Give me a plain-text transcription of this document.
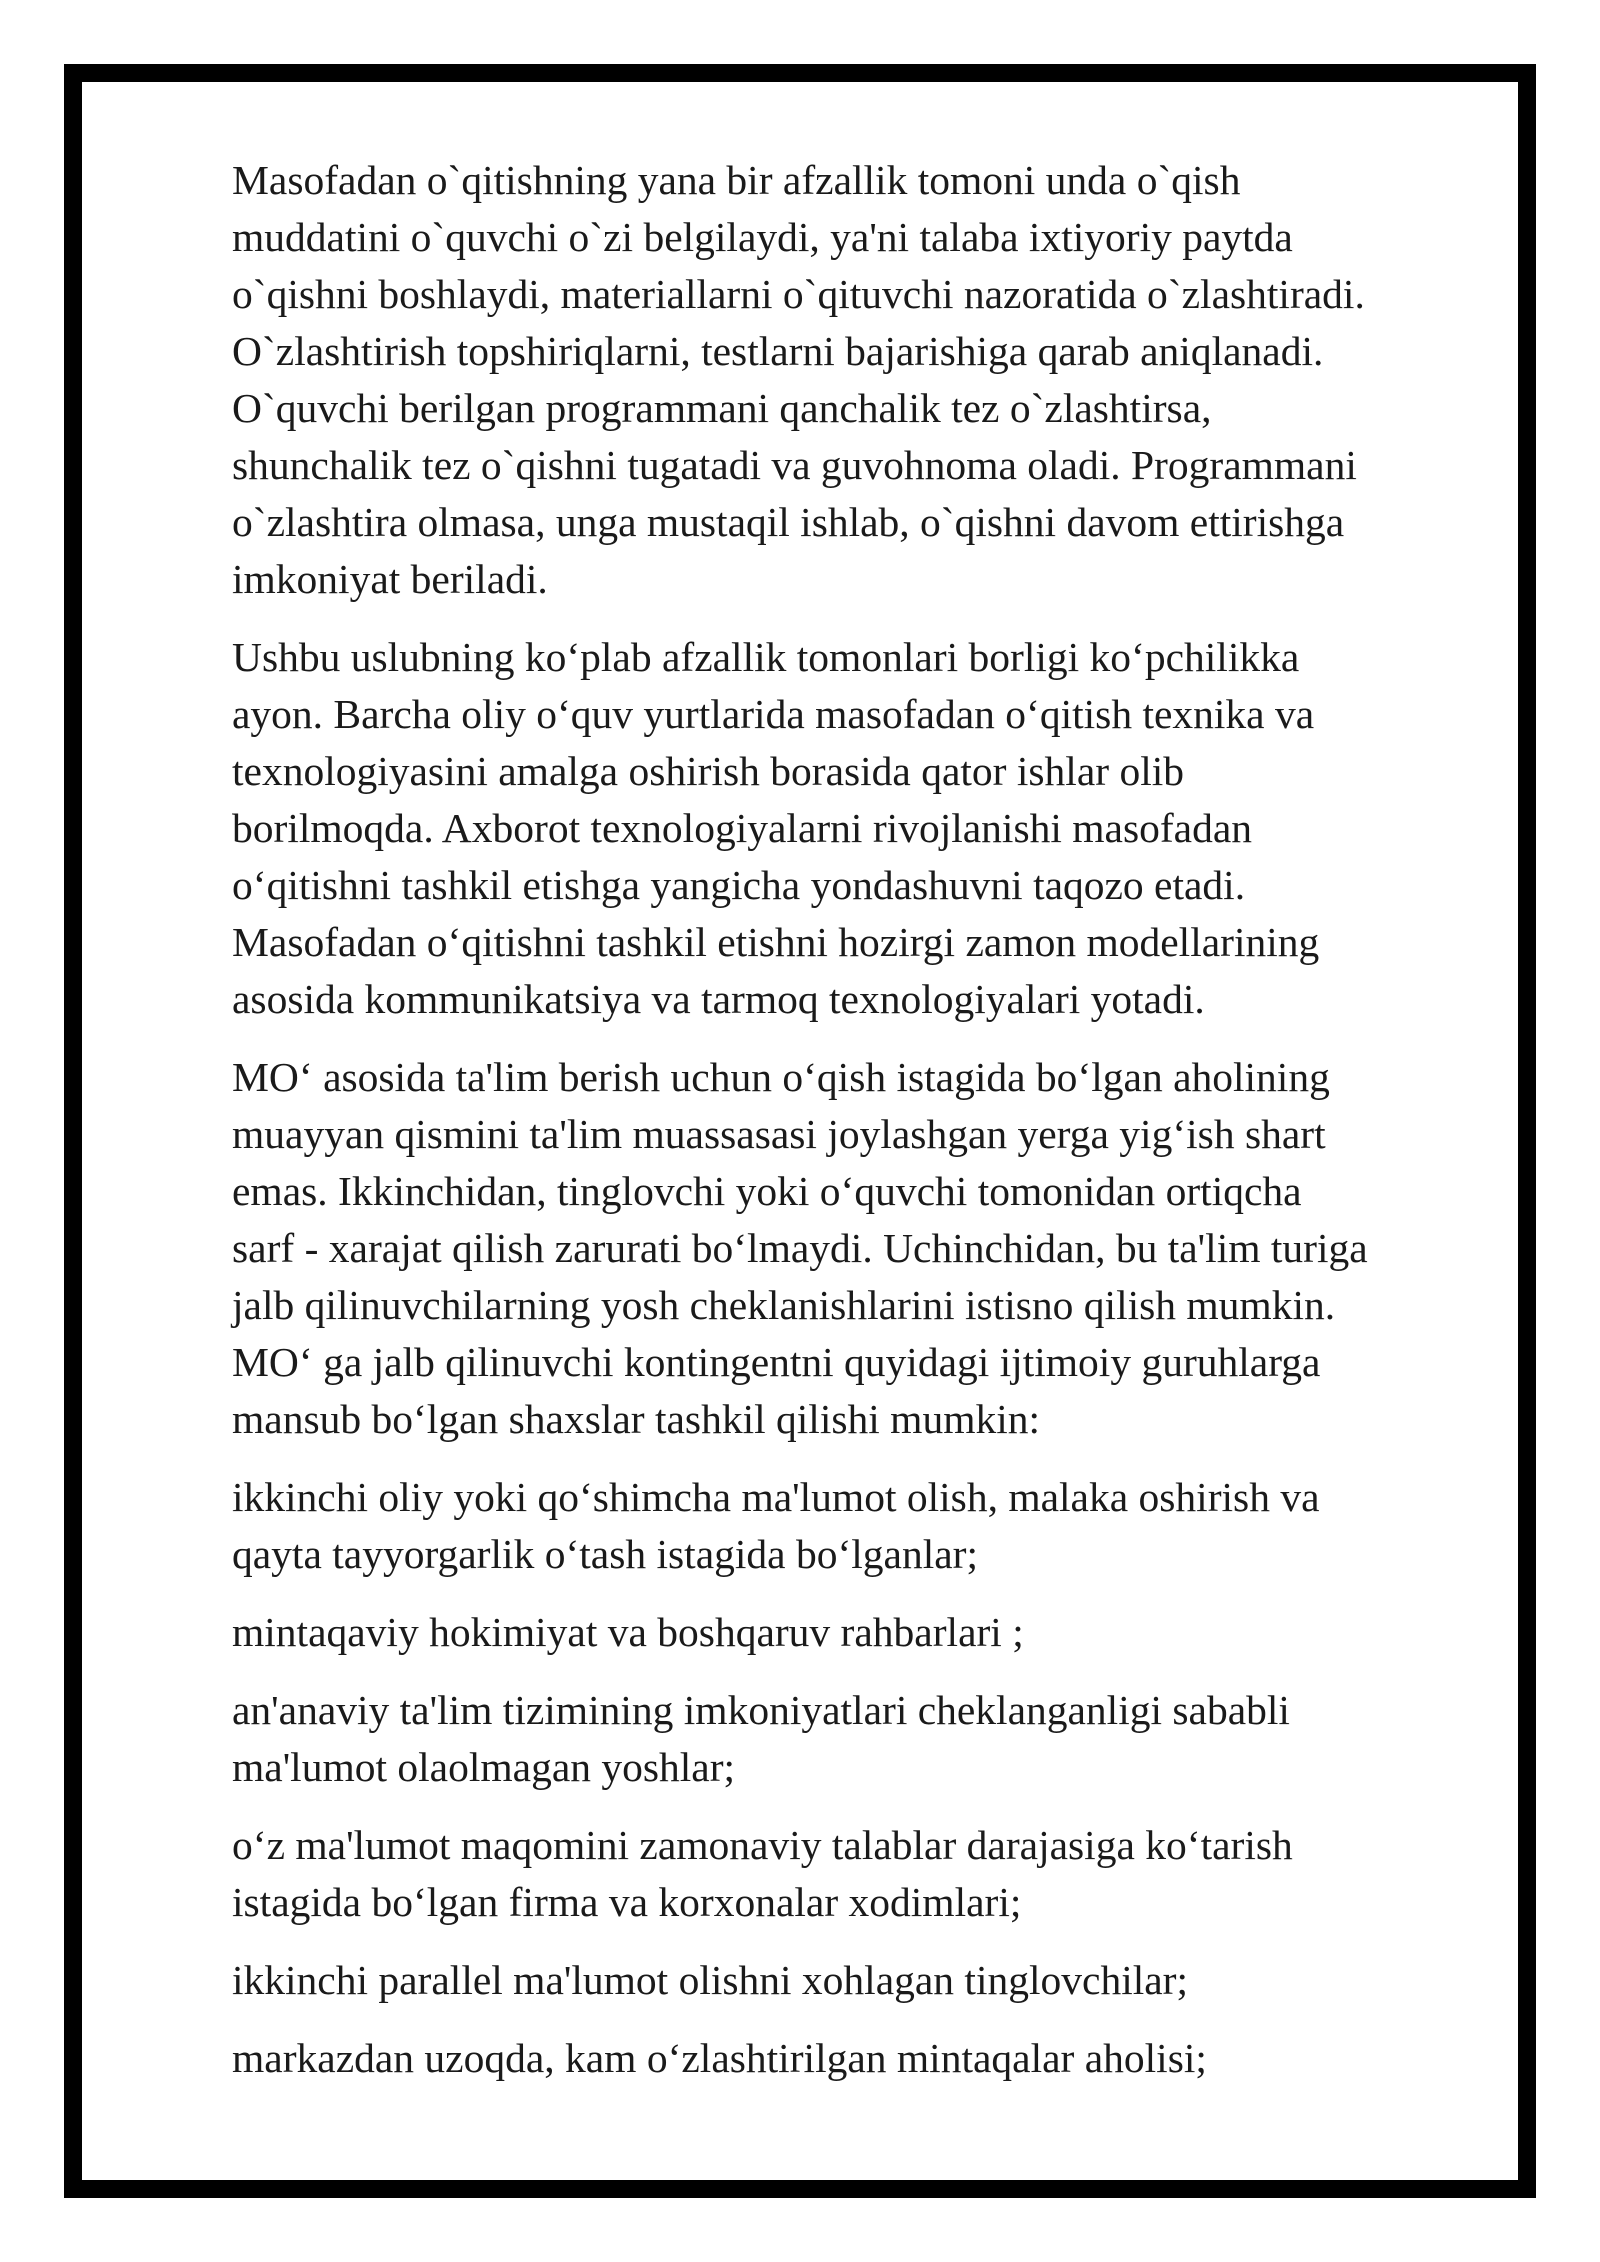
Masofadan o`qitishning yana bir afzallik tomoni unda o`qish
muddatini o`quvchi o`zi belgilaydi, ya'ni talaba ixtiyoriy paytda
o`qishni boshlaydi, materiallarni o`qituvchi nazoratida o`zlashtiradi.
O`zlashtirish topshiriqlarni, testlarni bajarishiga qarab aniqlanadi.
O`quvchi berilgan programmani qanchalik tez o`zlashtirsa,
shunchalik tez o`qishni tugatadi va guvohnoma oladi. Programmani
o`zlashtira olmasa, unga mustaqil ishlab, o`qishni davom ettirishga
imkoniyat beriladi.

Ushbu uslubning ko‘plab afzallik tomonlari borligi ko‘pchilikka
ayon. Barcha oliy o‘quv yurtlarida masofadan o‘qitish texnika va
texnologiyasini amalga oshirish borasida qator ishlar olib
borilmoqda. Axborot texnologiyalarni rivojlanishi masofadan
o‘qitishni tashkil etishga yangicha yondashuvni taqozo etadi.
Masofadan o‘qitishni tashkil etishni hozirgi zamon modellarining
asosida kommunikatsiya va tarmoq texnologiyalari yotadi.

MO‘ asosida ta'lim berish uchun o‘qish istagida bo‘lgan aholining
muayyan qismini ta'lim muassasasi joylashgan yerga yig‘ish shart
emas. Ikkinchidan, tinglovchi yoki o‘quvchi tomonidan ortiqcha
sarf - xarajat qilish zarurati bo‘lmaydi. Uchinchidan, bu ta'lim turiga
jalb qilinuvchilarning yosh cheklanishlarini istisno qilish mumkin.
MO‘ ga jalb qilinuvchi kontingentni quyidagi ijtimoiy guruhlarga
mansub bo‘lgan shaxslar tashkil qilishi mumkin:

ikkinchi oliy yoki qo‘shimcha ma'lumot olish, malaka oshirish va
qayta tayyorgarlik o‘tash istagida bo‘lganlar;

mintaqaviy hokimiyat va boshqaruv rahbarlari ;

an'anaviy ta'lim tizimining imkoniyatlari cheklanganligi sababli
ma'lumot olaolmagan yoshlar;

o‘z ma'lumot maqomini zamonaviy talablar darajasiga ko‘tarish
istagida bo‘lgan firma va korxonalar xodimlari;

ikkinchi parallel ma'lumot olishni xohlagan tinglovchilar;

markazdan uzoqda, kam o‘zlashtirilgan mintaqalar aholisi;
